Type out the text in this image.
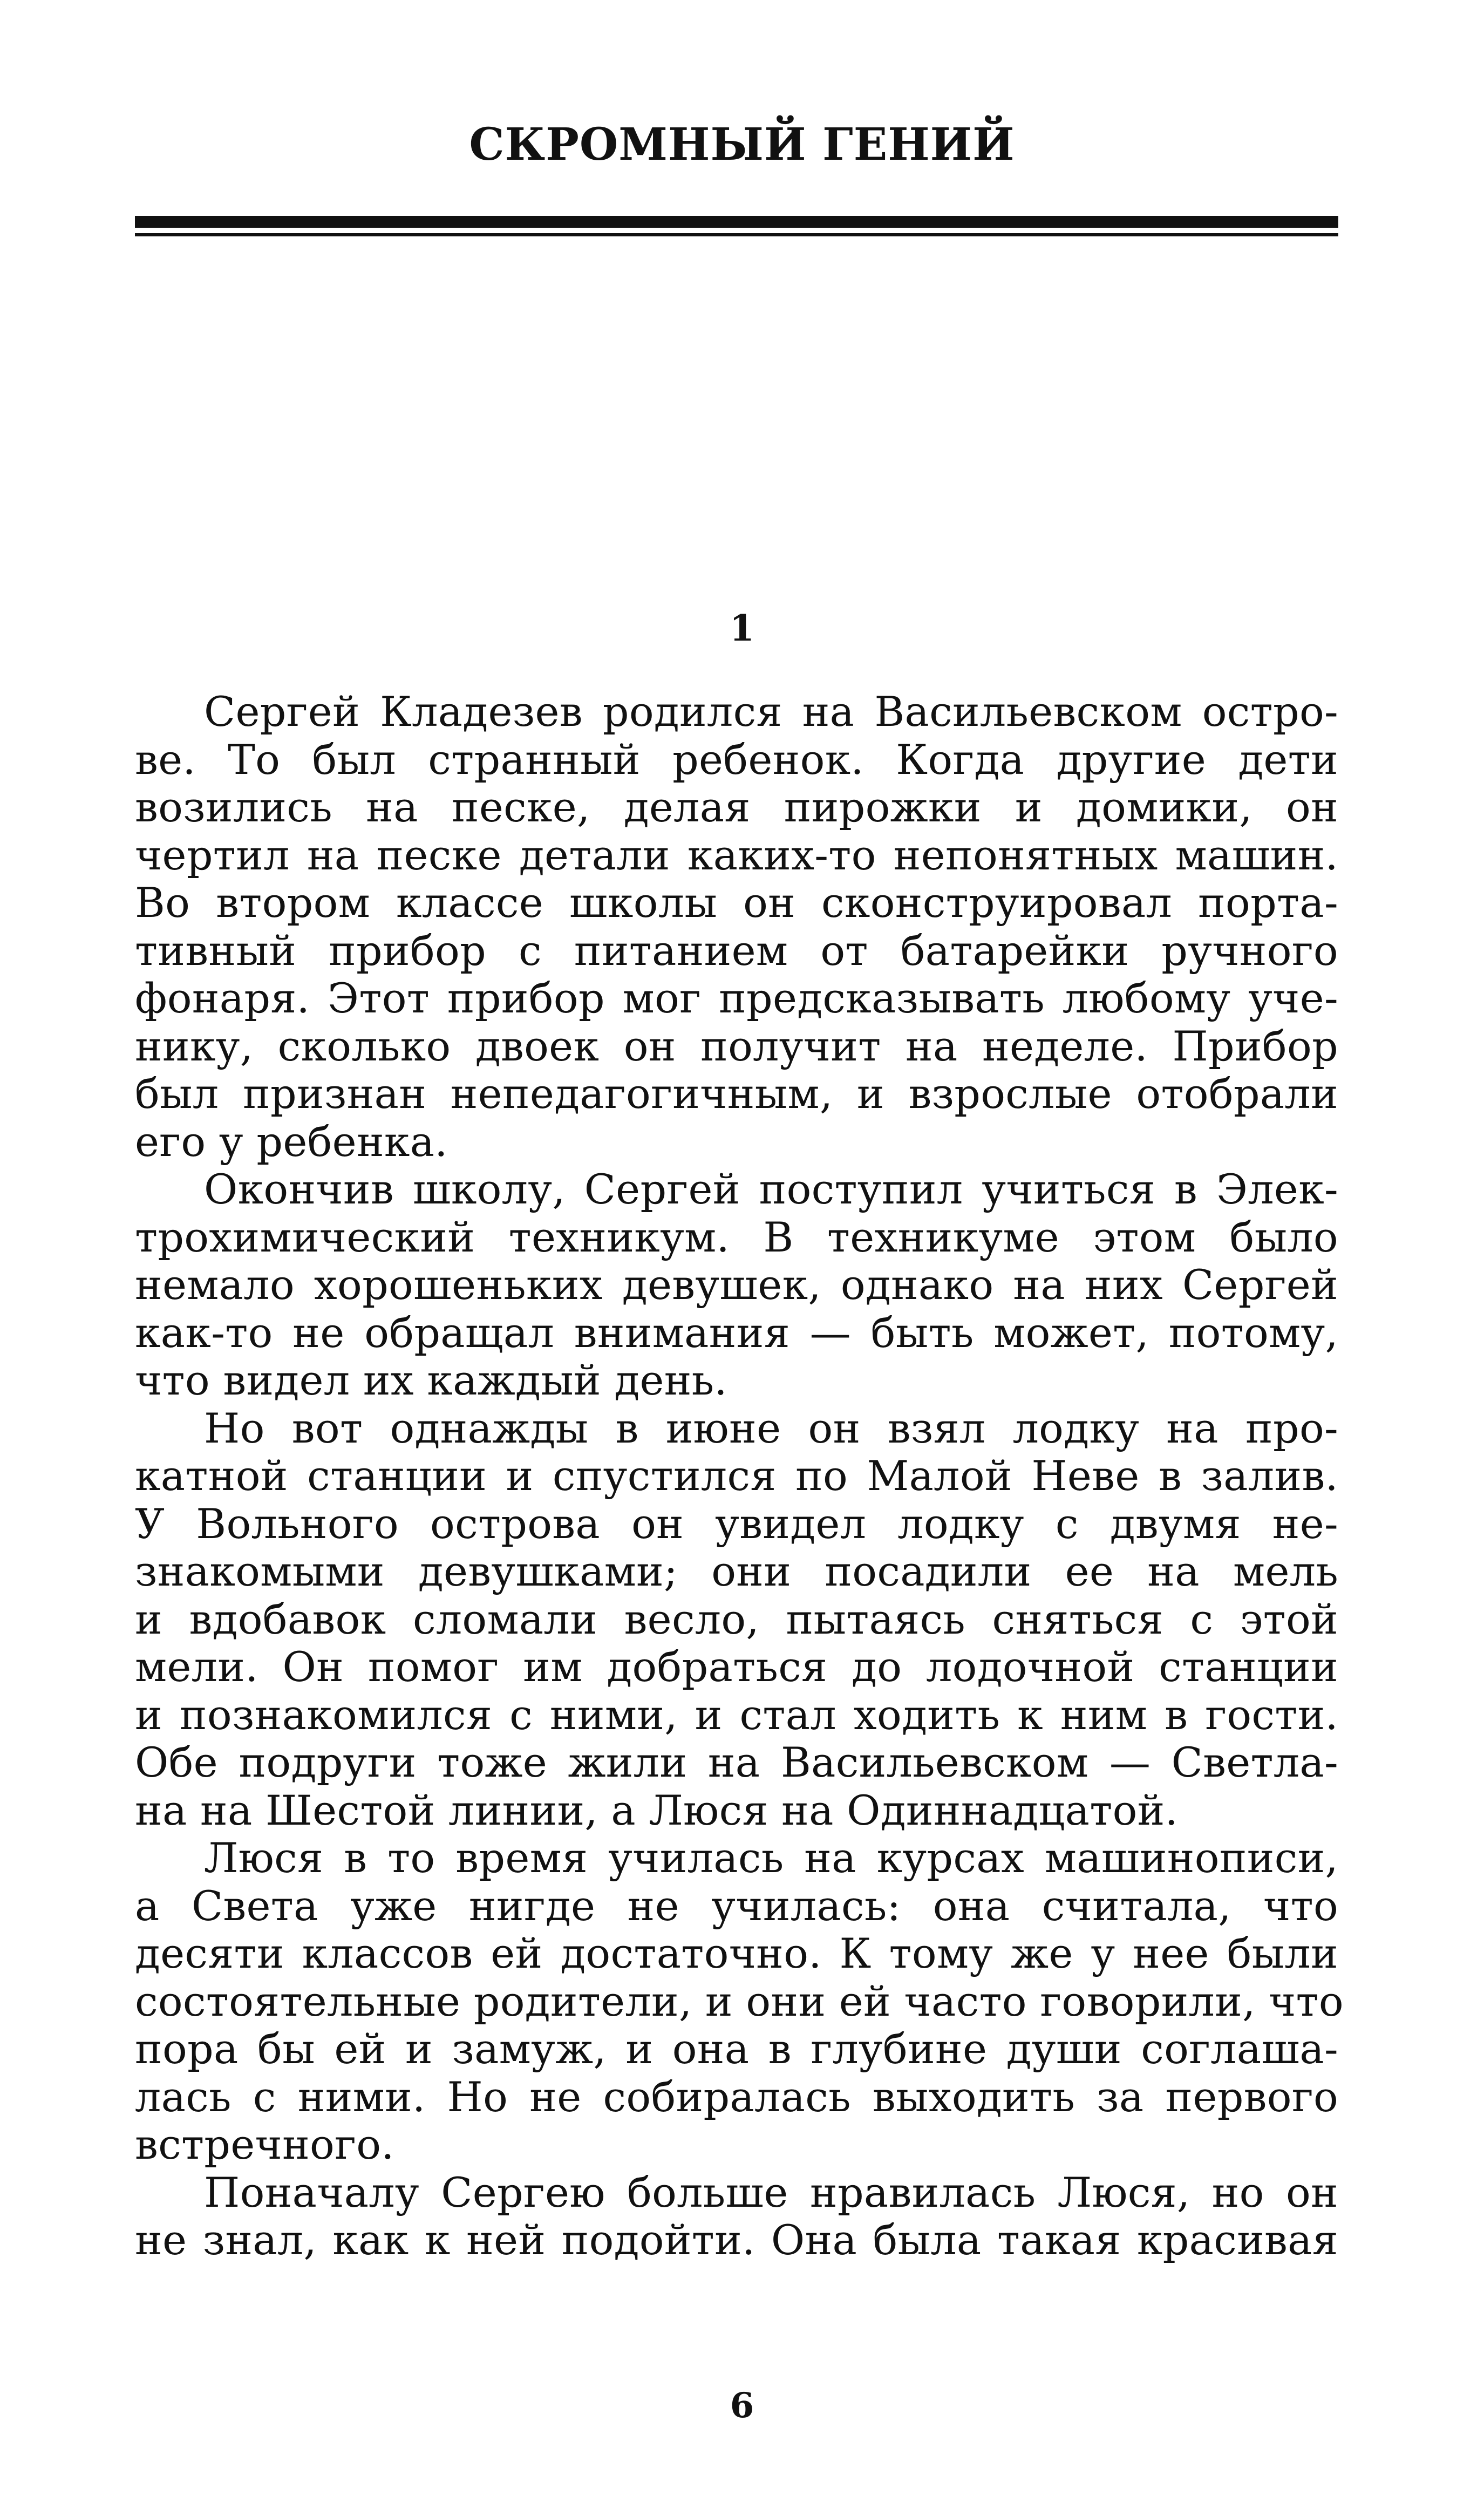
СКРОМНЫЙ ГЕНИЙ
1
Сергей Кладезев родился на Васильевском остро-
ве. То был странный ребенок. Когда другие дети
возились на песке, делая пирожки и домики, он
чертил на песке детали каких-то непонятных машин.
Во втором классе школы он сконструировал порта-
тивный прибор с питанием от батарейки ручного
фонаря. Этот прибор мог предсказывать любому уче-
нику, сколько двоек он получит на неделе. Прибор
был признан непедагогичным, и взрослые отобрали
его у ребенка.
Окончив школу, Сергей поступил учиться в Элек-
трохимический техникум. В техникуме этом было
немало хорошеньких девушек, однако на них Сергей
как-то не обращал внимания — быть может, потому,
что видел их каждый день.
Но вот однажды в июне он взял лодку на про-
катной станции и спустился по Малой Неве в залив.
У Вольного острова он увидел лодку с двумя не-
знакомыми девушками; они посадили ее на мель
и вдобавок сломали весло, пытаясь сняться с этой
мели. Он помог им добраться до лодочной станции
и познакомился с ними, и стал ходить к ним в гости.
Обе подруги тоже жили на Васильевском — Светла-
на на Шестой линии, а Люся на Одиннадцатой.
Люся в то время училась на курсах машинописи,
а Света уже нигде не училась: она считала, что
десяти классов ей достаточно. К тому же у нее были
состоятельные родители, и они ей часто говорили, что
пора бы ей и замуж, и она в глубине души соглаша-
лась с ними. Но не собиралась выходить за первого
встречного.
Поначалу Сергею больше нравилась Люся, но он
не знал, как к ней подойти. Она была такая красивая
6
